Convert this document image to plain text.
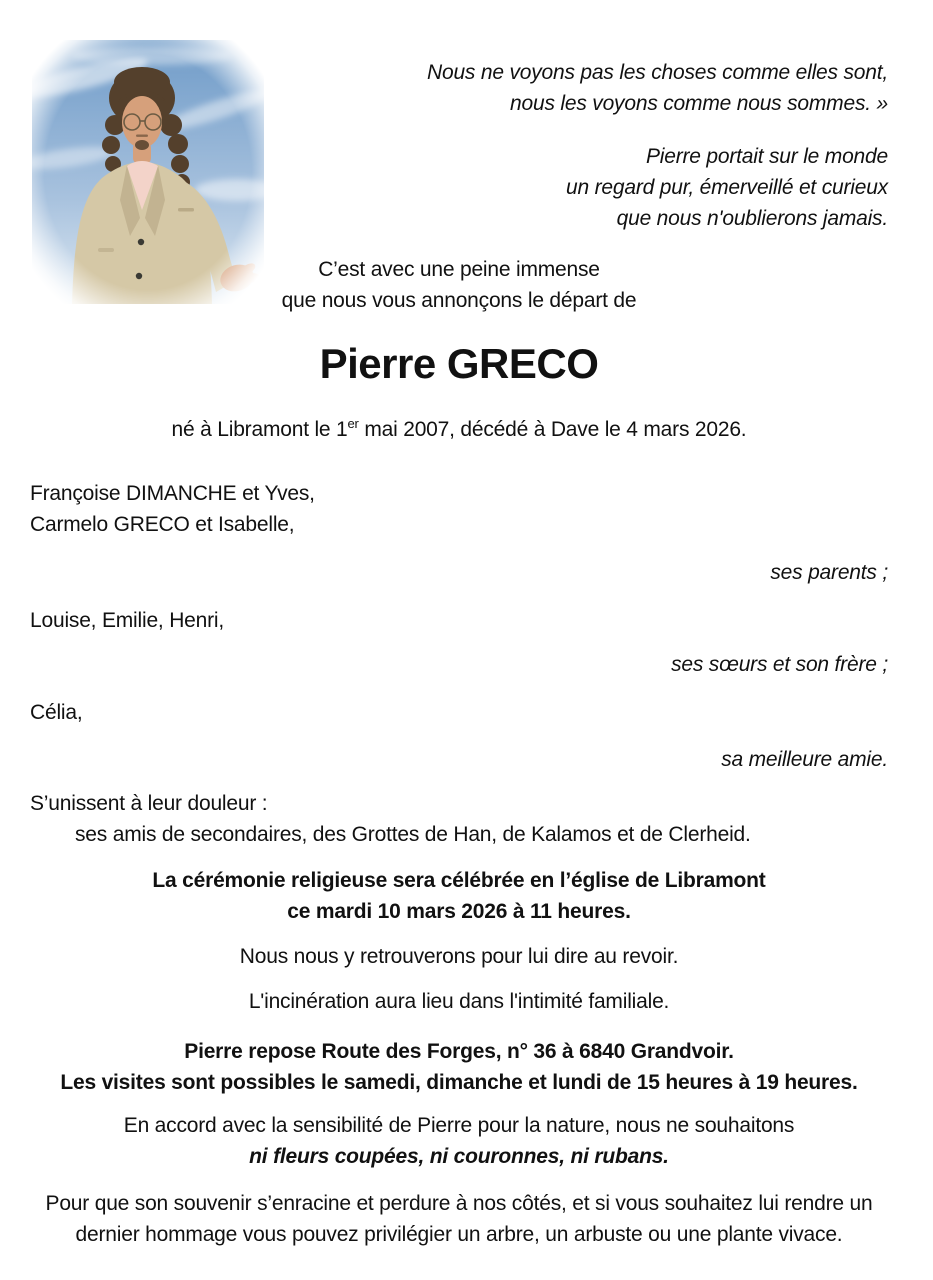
Nous ne voyons pas les choses comme elles sont,
nous les voyons comme nous sommes. »
Pierre portait sur le monde
un regard pur, émerveillé et curieux
que nous n'oublierons jamais.
C’est avec une peine immense
que nous vous annonçons le départ de
Pierre GRECO
né à Libramont le 1er mai 2007, décédé à Dave le 4 mars 2026.
Françoise DIMANCHE et Yves,
Carmelo GRECO et Isabelle,
ses parents ;
Louise, Emilie, Henri,
ses sœurs et son frère ;
Célia,
sa meilleure amie.
S’unissent à leur douleur :
ses amis de secondaires, des Grottes de Han, de Kalamos et de Clerheid.
La cérémonie religieuse sera célébrée en l’église de Libramont
ce mardi 10 mars 2026 à 11 heures.
Nous nous y retrouverons pour lui dire au revoir.
L'incinération aura lieu dans l'intimité familiale.
Pierre repose Route des Forges, n° 36 à 6840 Grandvoir.
Les visites sont possibles le samedi, dimanche et lundi de 15 heures à 19 heures.
En accord avec la sensibilité de Pierre pour la nature, nous ne souhaitons
ni fleurs coupées, ni couronnes, ni rubans.
Pour que son souvenir s’enracine et perdure à nos côtés, et si vous souhaitez lui rendre un
dernier hommage vous pouvez privilégier un arbre, un arbuste ou une plante vivace.
